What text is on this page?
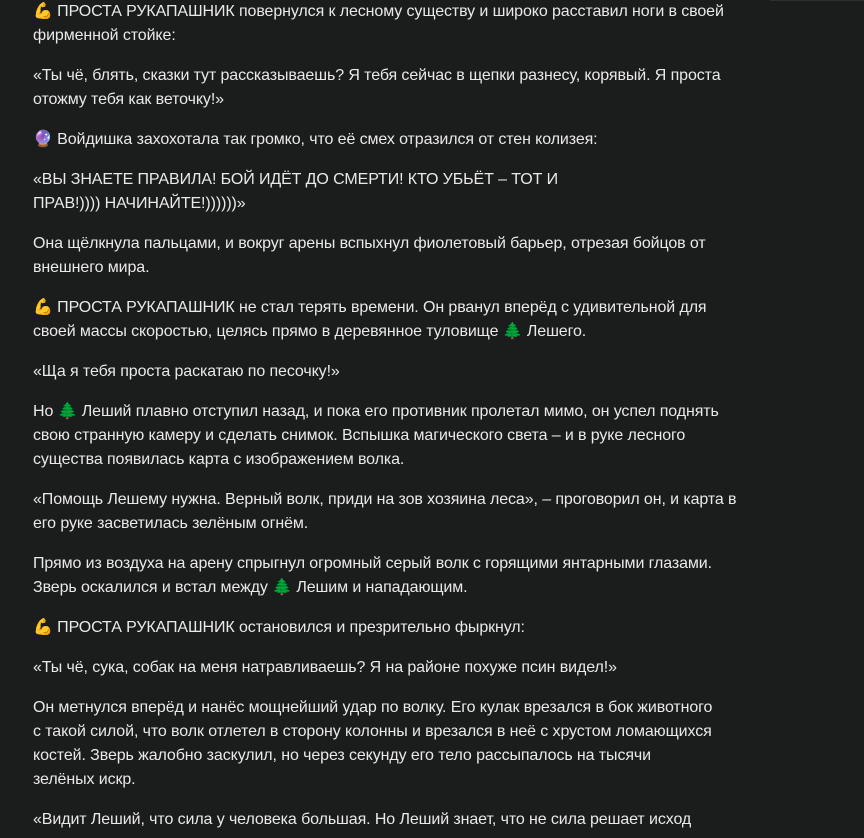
💪 ПРОСТА РУКАПАШНИК повернулся к лесному существу и широко расставил ноги в своей
фирменной стойке:

«Ты чё, блять, сказки тут рассказываешь? Я тебя сейчас в щепки разнесу, корявый. Я проста
отожму тебя как веточку!»

🔮 Войдишка захохотала так громко, что её смех отразился от стен колизея:

«ВЫ ЗНАЕТЕ ПРАВИЛА! БОЙ ИДЁТ ДО СМЕРТИ! КТО УБЬЁТ – ТОТ И
ПРАВ!)))) НАЧИНАЙТЕ!))))))»

Она щёлкнула пальцами, и вокруг арены вспыхнул фиолетовый барьер, отрезая бойцов от
внешнего мира.

💪 ПРОСТА РУКАПАШНИК не стал терять времени. Он рванул вперёд с удивительной для
своей массы скоростью, целясь прямо в деревянное туловище 🌲 Лешего.

«Ща я тебя проста раскатаю по песочку!»

Но 🌲 Леший плавно отступил назад, и пока его противник пролетал мимо, он успел поднять
свою странную камеру и сделать снимок. Вспышка магического света – и в руке лесного
существа появилась карта с изображением волка.

«Помощь Лешему нужна. Верный волк, приди на зов хозяина леса», – проговорил он, и карта в
его руке засветилась зелёным огнём.

Прямо из воздуха на арену спрыгнул огромный серый волк с горящими янтарными глазами.
Зверь оскалился и встал между 🌲 Лешим и нападающим.

💪 ПРОСТА РУКАПАШНИК остановился и презрительно фыркнул:

«Ты чё, сука, собак на меня натравливаешь? Я на районе похуже псин видел!»

Он метнулся вперёд и нанёс мощнейший удар по волку. Его кулак врезался в бок животного
с такой силой, что волк отлетел в сторону колонны и врезался в неё с хрустом ломающихся
костей. Зверь жалобно заскулил, но через секунду его тело рассыпалось на тысячи
зелёных искр.

«Видит Леший, что сила у человека большая. Но Леший знает, что не сила решает исход
